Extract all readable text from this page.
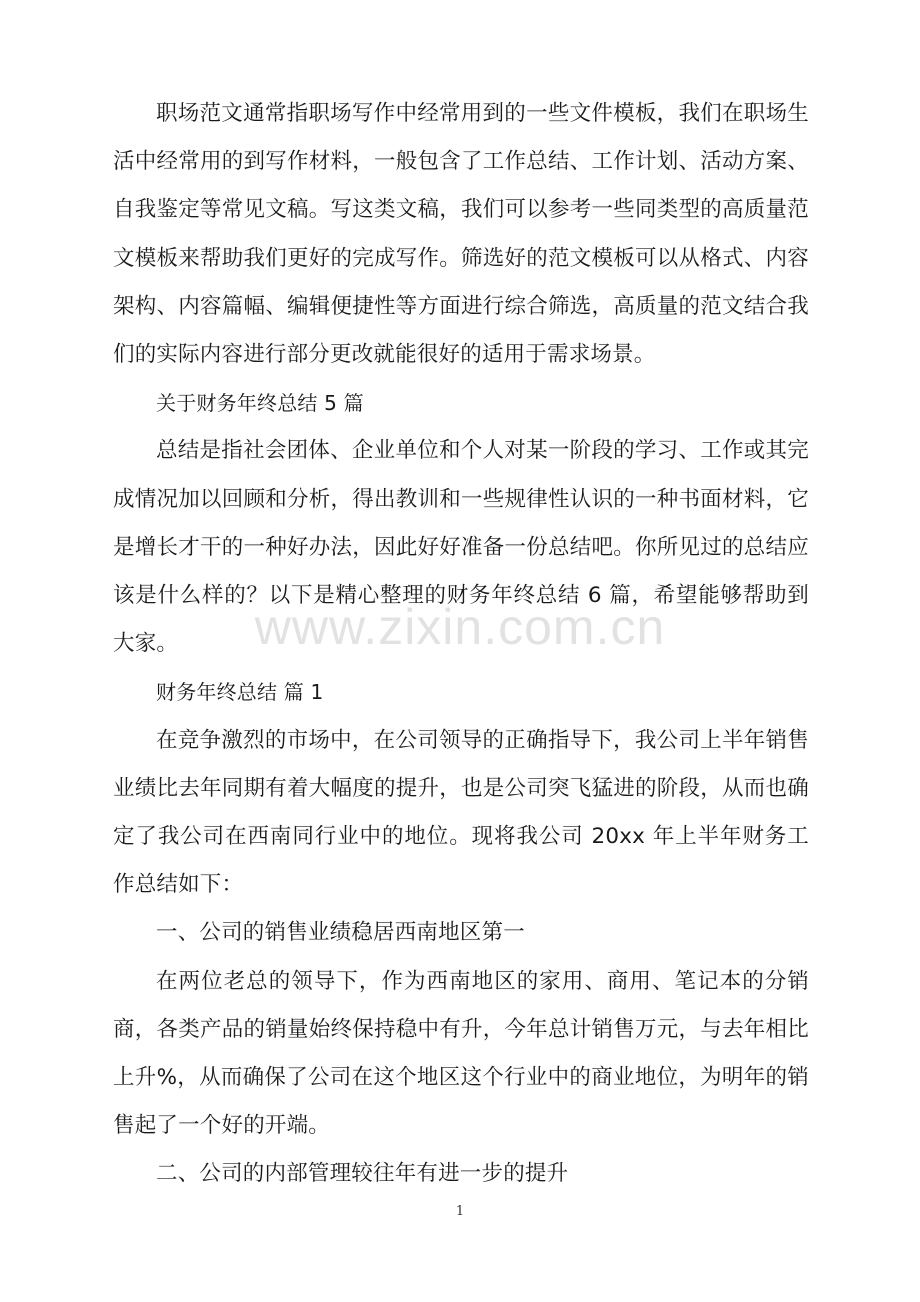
职场范文通常指职场写作中经常用到的一些文件模板，我们在职场生活中经常用的到写作材料，一般包含了工作总结、工作计划、活动方案、自我鉴定等常见文稿。写这类文稿，我们可以参考一些同类型的高质量范文模板来帮助我们更好的完成写作。筛选好的范文模板可以从格式、内容架构、内容篇幅、编辑便捷性等方面进行综合筛选，高质量的范文结合我们的实际内容进行部分更改就能很好的适用于需求场景。

关于财务年终总结 5 篇

总结是指社会团体、企业单位和个人对某一阶段的学习、工作或其完成情况加以回顾和分析，得出教训和一些规律性认识的一种书面材料，它是增长才干的一种好办法，因此好好准备一份总结吧。你所见过的总结应该是什么样的？以下是精心整理的财务年终总结 6 篇，希望能够帮助到大家。

财务年终总结 篇 1

在竞争激烈的市场中，在公司领导的正确指导下，我公司上半年销售业绩比去年同期有着大幅度的提升，也是公司突飞猛进的阶段，从而也确定了我公司在西南同行业中的地位。现将我公司 20xx 年上半年财务工作总结如下：

一、公司的销售业绩稳居西南地区第一

在两位老总的领导下，作为西南地区的家用、商用、笔记本的分销商，各类产品的销量始终保持稳中有升，今年总计销售万元，与去年相比上升%，从而确保了公司在这个地区这个行业中的商业地位，为明年的销售起了一个好的开端。

二、公司的内部管理较往年有进一步的提升

www.zixin.com.cn
1
